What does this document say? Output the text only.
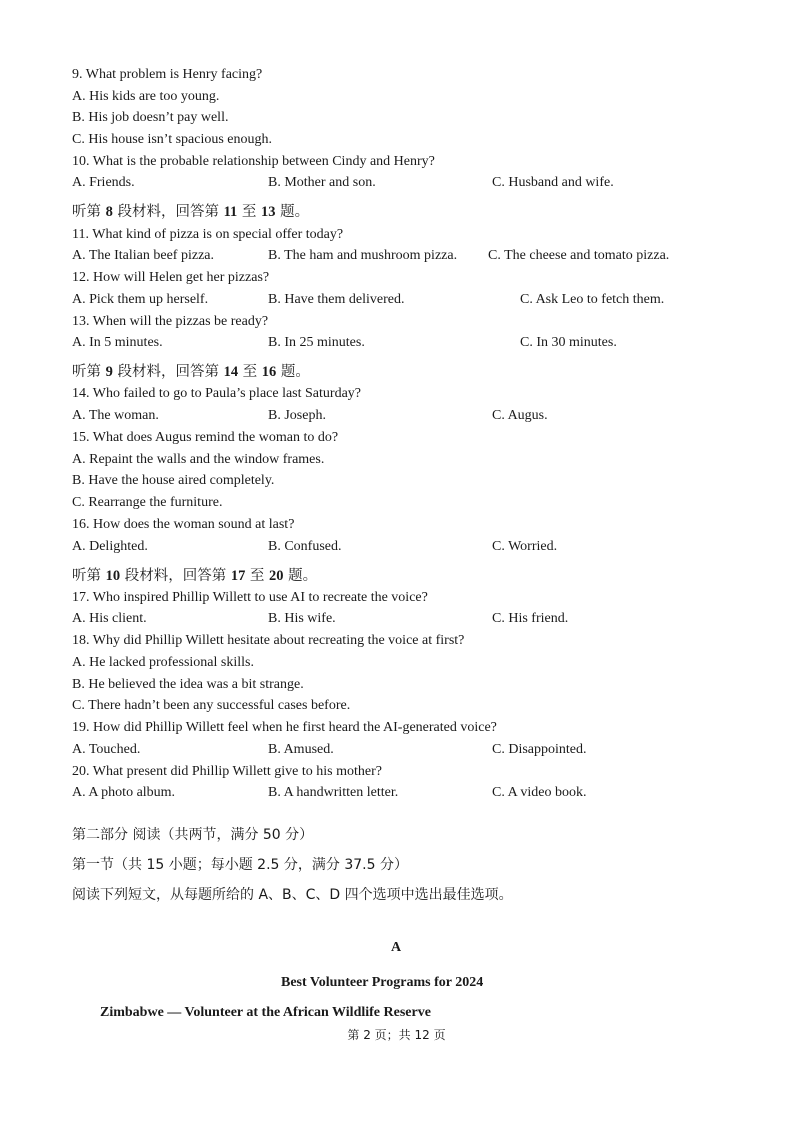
9. What problem is Henry facing?
A. His kids are too young.
B. His job doesn’t pay well.
C. His house isn’t spacious enough.
10. What is the probable relationship between Cindy and Henry?
A. Friends.	B. Mother and son.	C. Husband and wife.
听第 8 段材料，回答第 11 至 13 题。
11. What kind of pizza is on special offer today?
A. The Italian beef pizza.	B. The ham and mushroom pizza. C. The cheese and tomato pizza.
12. How will Helen get her pizzas?
A. Pick them up herself.	B. Have them delivered.	C. Ask Leo to fetch them.
13. When will the pizzas be ready?
A. In 5 minutes.	B. In 25 minutes.	C. In 30 minutes.
听第 9 段材料，回答第 14 至 16 题。
14. Who failed to go to Paula’s place last Saturday?
A. The woman.	B. Joseph.	C. Augus.
15. What does Augus remind the woman to do?
A. Repaint the walls and the window frames.
B. Have the house aired completely.
C. Rearrange the furniture.
16. How does the woman sound at last?
A. Delighted.	B. Confused.	C. Worried.
听第 10 段材料，回答第 17 至 20 题。
17. Who inspired Phillip Willett to use AI to recreate the voice?
A. His client.	B. His wife.	C. His friend.
18. Why did Phillip Willett hesitate about recreating the voice at first?
A. He lacked professional skills.
B. He believed the idea was a bit strange.
C. There hadn’t been any successful cases before.
19. How did Phillip Willett feel when he first heard the AI-generated voice?
A. Touched.	B. Amused.	C. Disappointed.
20. What present did Phillip Willett give to his mother?
A. A photo album.	B. A handwritten letter.	C. A video book.
第二部分 阅读（共两节，满分 50 分）
第一节（共 15 小题；每小题 2.5 分，满分 37.5 分）
阅读下列短文，从每题所给的 A、B、C、D 四个选项中选出最佳选项。
A
Best Volunteer Programs for 2024
Zimbabwe — Volunteer at the African Wildlife Reserve
第 2 页；共 12 页
